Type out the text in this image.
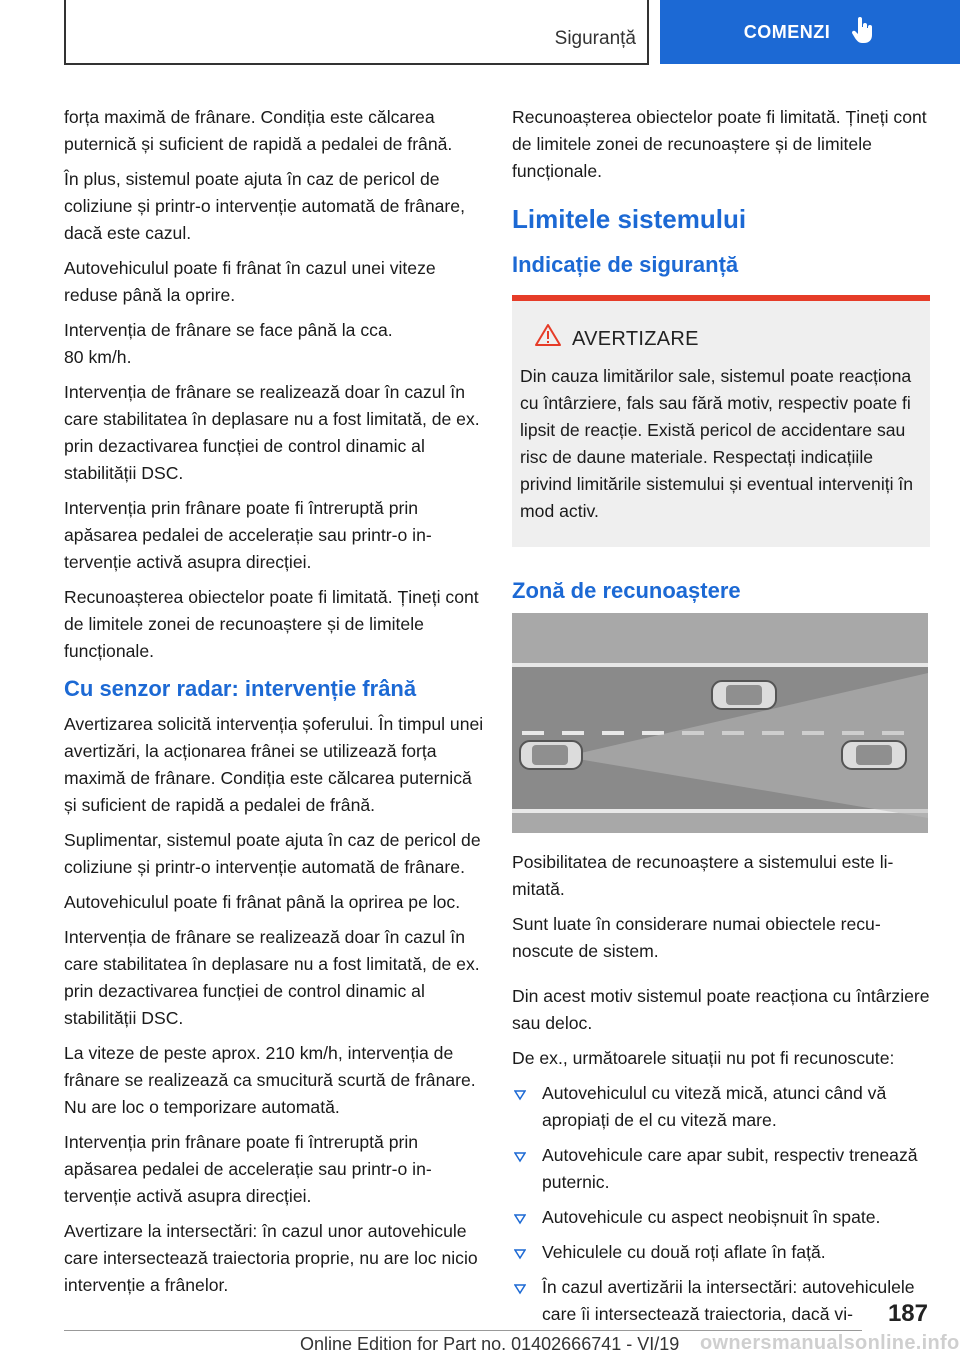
Siguranță	COMENZI

forța maximă de frânare. Condiția este călcarea puternică și suficient de rapidă a pedalei de frână.

În plus, sistemul poate ajuta în caz de pericol de coliziune și printr-o intervenție automată de frânare, dacă este cazul.

Autovehiculul poate fi frânat în cazul unei viteze reduse până la oprire.

Intervenția de frânare se face până la cca.
80 km/h.

Intervenția de frânare se realizează doar în cazul în care stabilitatea în deplasare nu a fost limitată, de ex. prin dezactivarea funcției de control dinamic al stabilității DSC.

Intervenția prin frânare poate fi întreruptă prin apăsarea pedalei de accelerație sau printr-o intervenție activă asupra direcției.

Recunoașterea obiectelor poate fi limitată. Țineți cont de limitele zonei de recunoaștere și de limitele funcționale.

Cu senzor radar: intervenție frână

Avertizarea solicită intervenția șoferului. În timpul unei avertizări, la acționarea frânei se utilizează forța maximă de frânare. Condiția este călcarea puternică și suficient de rapidă a pedalei de frână.

Suplimentar, sistemul poate ajuta în caz de pericol de coliziune și printr-o intervenție automată de frânare.

Autovehiculul poate fi frânat până la oprirea pe loc.

Intervenția de frânare se realizează doar în cazul în care stabilitatea în deplasare nu a fost limitată, de ex. prin dezactivarea funcției de control dinamic al stabilității DSC.

La viteze de peste aprox. 210 km/h, intervenția de frânare se realizează ca smucitură scurtă de frânare. Nu are loc o temporizare automată.

Intervenția prin frânare poate fi întreruptă prin apăsarea pedalei de accelerație sau printr-o intervenție activă asupra direcției.

Avertizare la intersectări: în cazul unor autovehicule care intersectează traiectoria proprie, nu are loc nicio intervenție a frânelor.

Recunoașterea obiectelor poate fi limitată. Țineți cont de limitele zonei de recunoaștere și de limitele funcționale.

Limitele sistemului
Indicație de siguranță
AVERTIZARE
Din cauza limitărilor sale, sistemul poate reacționa cu întârziere, fals sau fără motiv, respectiv poate fi lipsit de reacție. Există pericol de accidentare sau risc de daune materiale. Respectați indicațiile privind limitările sistemului și eventual interveniți în mod activ.
Zonă de recunoaștere

Posibilitatea de recunoaștere a sistemului este limitată.

Sunt luate în considerare numai obiectele recunoscute de sistem.

Din acest motiv sistemul poate reacționa cu întârziere sau deloc.

De ex., următoarele situații nu pot fi recunoscute:

Autovehiculul cu viteză mică, atunci când vă apropiați de el cu viteză mare.
Autovehicule care apar subit, respectiv trenează puternic.
Autovehicule cu aspect neobișnuit în spate.
Vehiculele cu două roți aflate în față.
În cazul avertizării la intersectări: autovehiculele care îi intersectează traiectoria, dacă vi-	187
Online Edition for Part no. 01402666741 - VI/19 ownersmanualsonline.info
